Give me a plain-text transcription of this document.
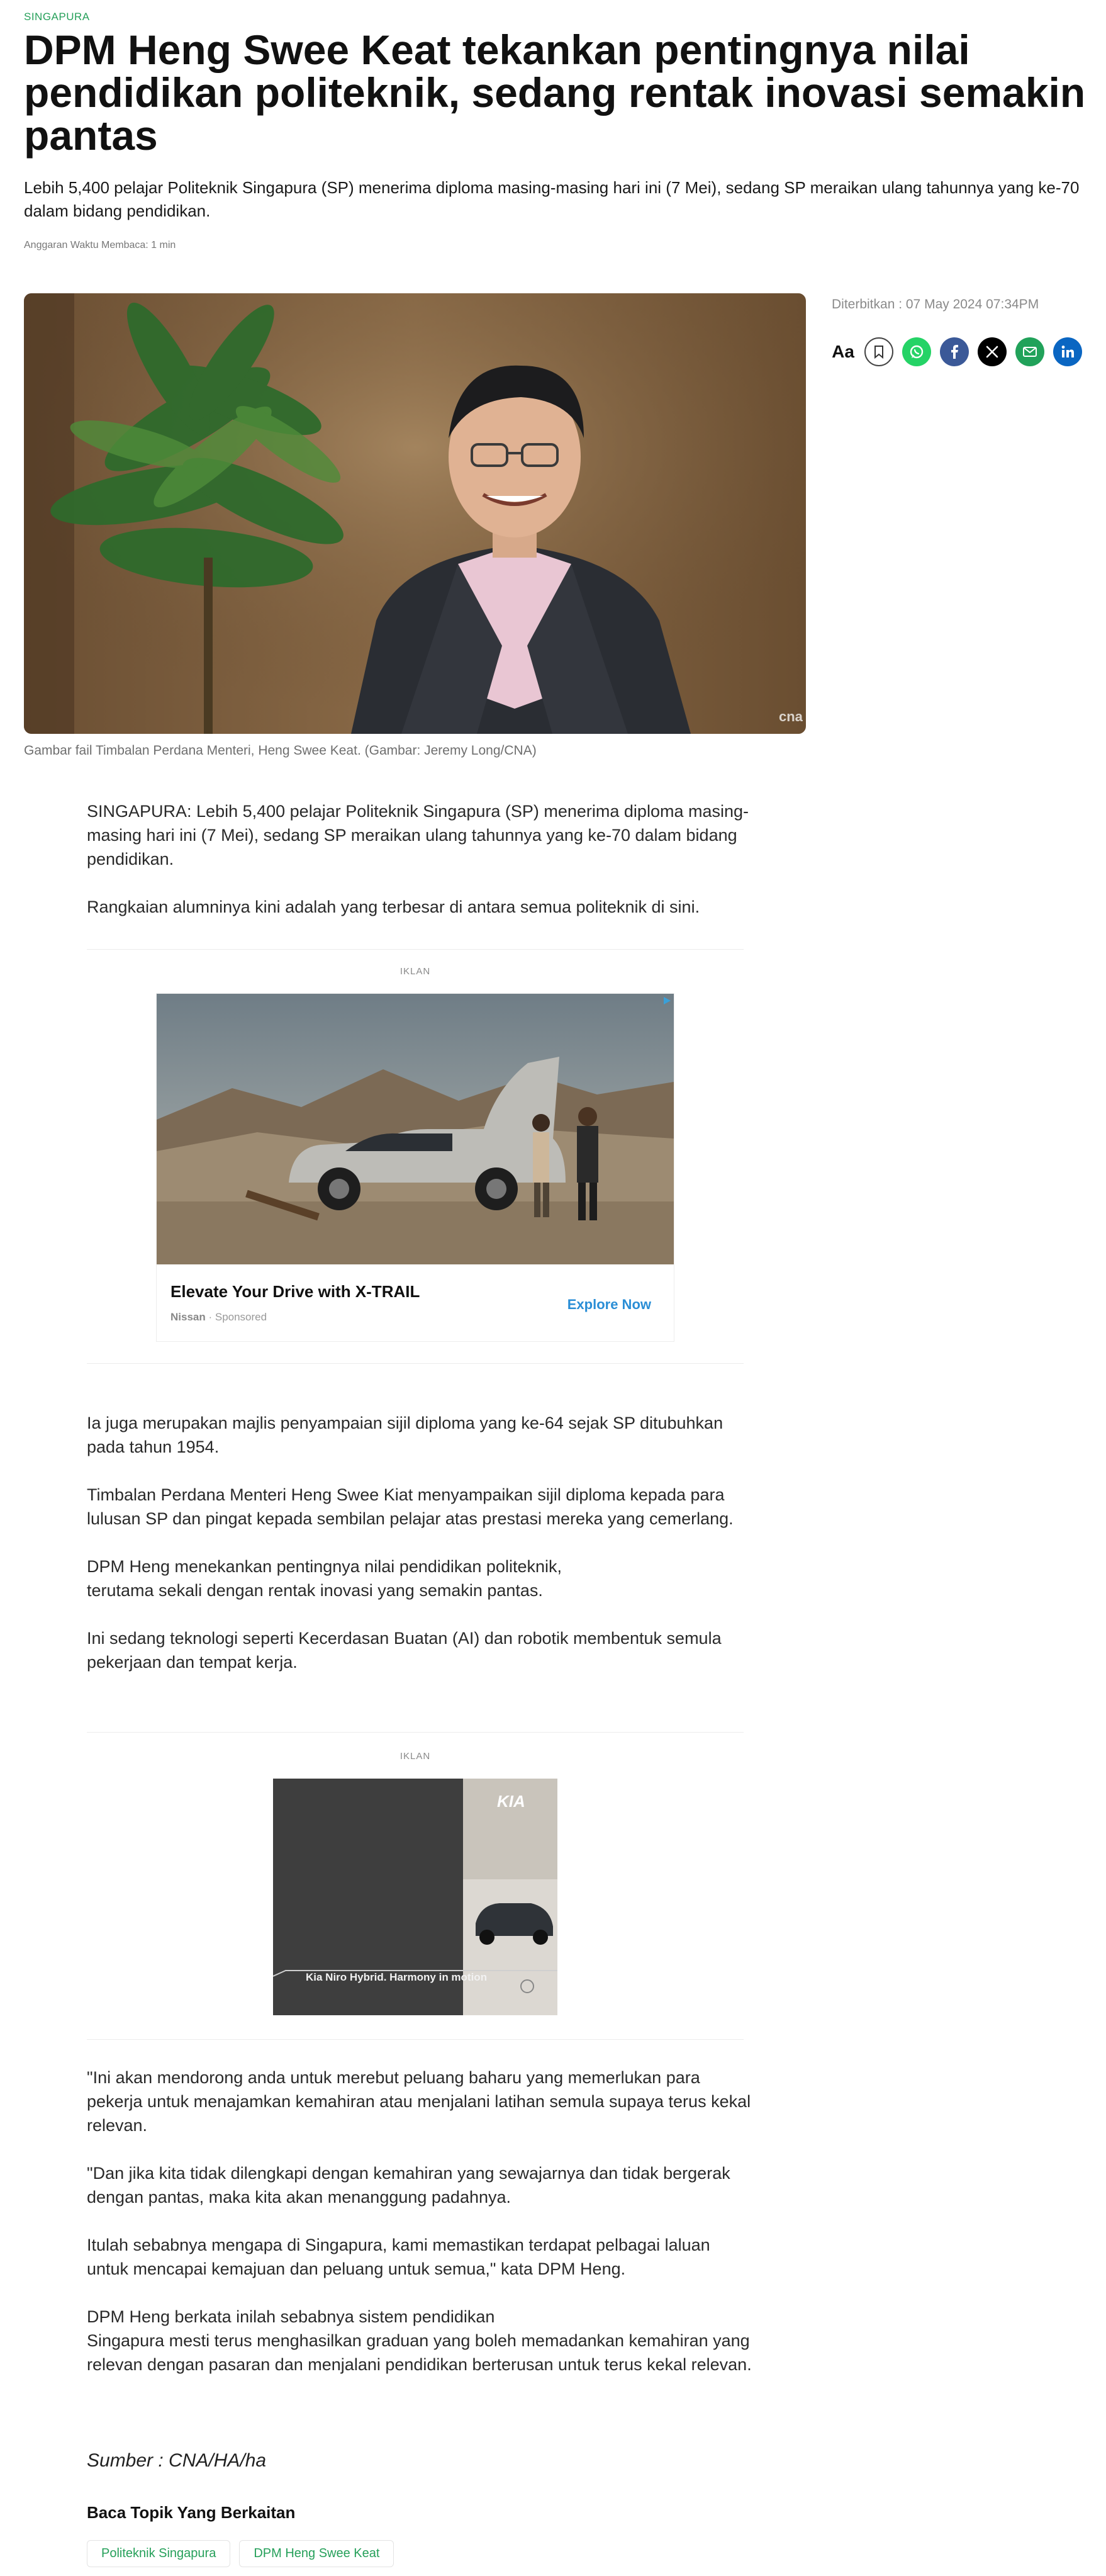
SINGAPURA
DPM Heng Swee Keat tekankan pentingnya nilai pendidikan politeknik, sedang rentak inovasi semakin pantas

Lebih 5,400 pelajar Politeknik Singapura (SP) menerima diploma masing-masing hari ini (7 Mei), sedang SP meraikan ulang tahunnya yang ke-70 dalam bidang pendidikan.

Anggaran Waktu Membaca: 1 min
cna
Gambar fail Timbalan Perdana Menteri, Heng Swee Keat. (Gambar: Jeremy Long/CNA)
Diterbitkan : 07 May 2024 07:34PM
Aa

SINGAPURA: Lebih 5,400 pelajar Politeknik Singapura (SP) menerima diploma masing-masing hari ini (7 Mei), sedang SP meraikan ulang tahunnya yang ke-70 dalam bidang pendidikan.

Rangkaian alumninya kini adalah yang terbesar di antara semua politeknik di sini.

IKLAN
Elevate Your Drive with X-TRAIL
Nissan · Sponsored
Explore Now

Ia juga merupakan majlis penyampaian sijil diploma yang ke-64 sejak SP ditubuhkan pada tahun 1954.

Timbalan Perdana Menteri Heng Swee Kiat menyampaikan sijil diploma kepada para lulusan SP dan pingat kepada sembilan pelajar atas prestasi mereka yang cemerlang.

DPM Heng menekankan pentingnya nilai pendidikan politeknik,
terutama sekali dengan rentak inovasi yang semakin pantas.

Ini sedang teknologi seperti Kecerdasan Buatan (AI) dan robotik membentuk semula pekerjaan dan tempat kerja.

IKLAN
KIA
Kia Niro Hybrid. Harmony in motion

"Ini akan mendorong anda untuk merebut peluang baharu yang memerlukan para pekerja untuk menajamkan kemahiran atau menjalani latihan semula supaya terus kekal relevan.

"Dan jika kita tidak dilengkapi dengan kemahiran yang sewajarnya dan tidak bergerak dengan pantas, maka kita akan menanggung padahnya.

Itulah sebabnya mengapa di Singapura, kami memastikan terdapat pelbagai laluan untuk mencapai kemajuan dan peluang untuk semua," kata DPM Heng.

DPM Heng berkata inilah sebabnya sistem pendidikan
Singapura mesti terus menghasilkan graduan yang boleh memadankan kemahiran yang relevan dengan pasaran dan menjalani pendidikan berterusan untuk terus kekal relevan.

Sumber : CNA/HA/ha
Baca Topik Yang Berkaitan
Politeknik Singapura	DPM Heng Swee Keat
